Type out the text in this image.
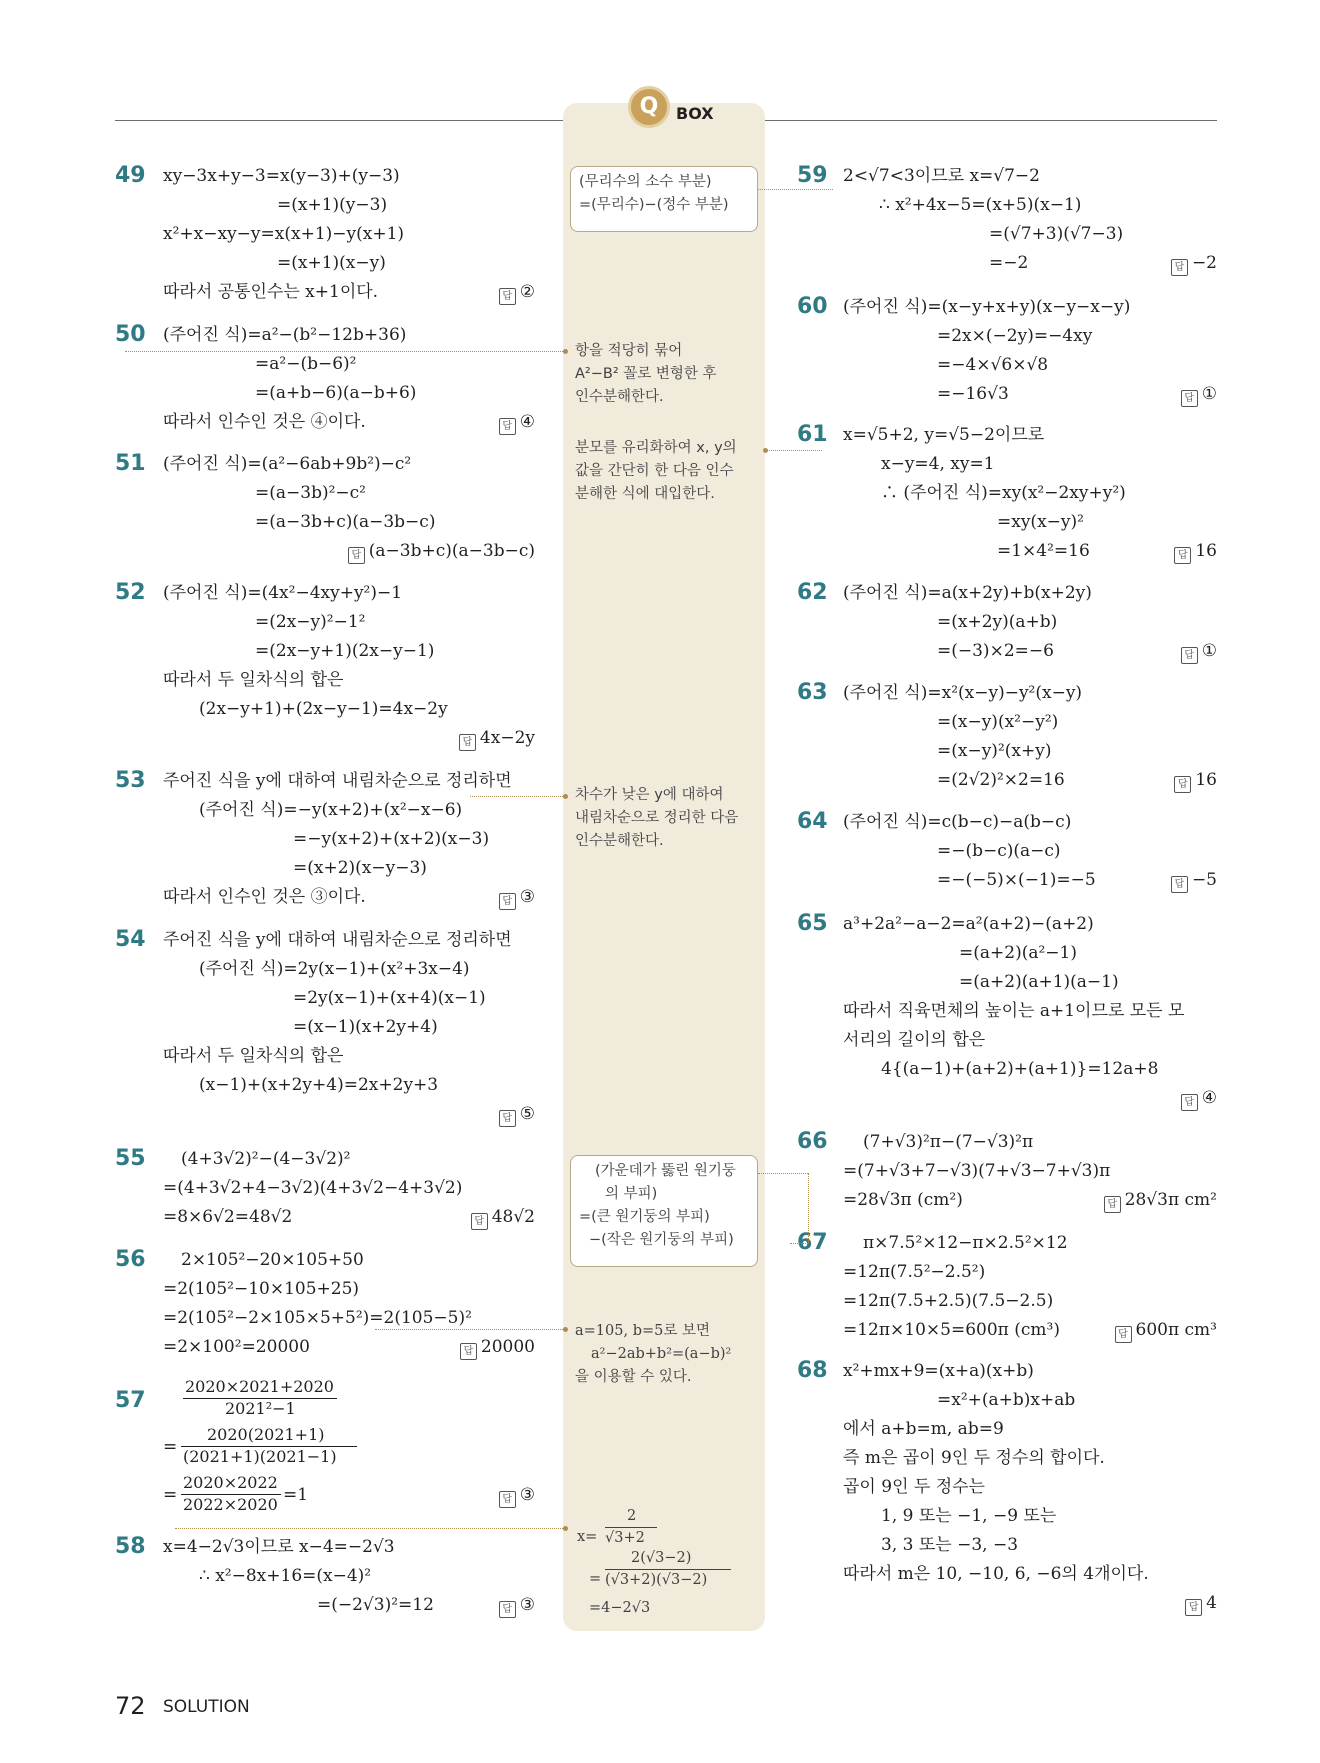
Q	BOX
49 xy−3x+y−3=x(y−3)+(y−3)
=(x+1)(y−3)
x²+x−xy−y=x(x+1)−y(x+1)
=(x+1)(x−y)
따라서 공통인수는 x+1이다.	답 ②
50 (주어진 식)=a²−(b²−12b+36)
=a²−(b−6)²
=(a+b−6)(a−b+6)
따라서 인수인 것은 ④이다.	답 ④
51 (주어진 식)=(a²−6ab+9b²)−c²
=(a−3b)²−c²
=(a−3b+c)(a−3b−c)
답 (a−3b+c)(a−3b−c)
52 (주어진 식)=(4x²−4xy+y²)−1
=(2x−y)²−1²
=(2x−y+1)(2x−y−1)
따라서 두 일차식의 합은
(2x−y+1)+(2x−y−1)=4x−2y
답 4x−2y
53 주어진 식을 y에 대하여 내림차순으로 정리하면
(주어진 식)=−y(x+2)+(x²−x−6)
=−y(x+2)+(x+2)(x−3)
=(x+2)(x−y−3)
따라서 인수인 것은 ③이다.	답 ③
54 주어진 식을 y에 대하여 내림차순으로 정리하면
(주어진 식)=2y(x−1)+(x²+3x−4)
=2y(x−1)+(x+4)(x−1)
=(x−1)(x+2y+4)
따라서 두 일차식의 합은
(x−1)+(x+2y+4)=2x+2y+3
답 ⑤
55 (4+3√2)²−(4−3√2)²
=(4+3√2+4−3√2)(4+3√2−4+3√2)
=8×6√2=48√2	답 48√2
56 2×105²−20×105+50
=2(105²−10×105+25)
=2(105²−2×105×5+5²)=2(105−5)²
=2×100²=20000	답 20000
57
2020×2021+2020
2021²−1
=
2020(2021+1)
(2021+1)(2021−1)
=
2020×2022
2022×2020 =1	답 ③
58 x=4−2√3이므로 x−4=−2√3
∴ x²−8x+16=(x−4)²
=(−2√3)²=12	답 ③
59 2<√7<3이므로 x=√7−2
∴ x²+4x−5=(x+5)(x−1)
=(√7+3)(√7−3)
=−2	답 −2
60 (주어진 식)=(x−y+x+y)(x−y−x−y)
=2x×(−2y)=−4xy
=−4×√6×√8
=−16√3	답 ①
61 x=√5+2, y=√5−2이므로
x−y=4, xy=1
∴ (주어진 식)=xy(x²−2xy+y²)
=xy(x−y)²
=1×4²=16	답 16
62 (주어진 식)=a(x+2y)+b(x+2y)
=(x+2y)(a+b)
=(−3)×2=−6	답 ①
63 (주어진 식)=x²(x−y)−y²(x−y)
=(x−y)(x²−y²)
=(x−y)²(x+y)
=(2√2)²×2=16	답 16
64 (주어진 식)=c(b−c)−a(b−c)
=−(b−c)(a−c)
=−(−5)×(−1)=−5	답 −5
65 a³+2a²−a−2=a²(a+2)−(a+2)
=(a+2)(a²−1)
=(a+2)(a+1)(a−1)
따라서 직육면체의 높이는 a+1이므로 모든 모
서리의 길이의 합은
4{(a−1)+(a+2)+(a+1)}=12a+8
답 ④
66 (7+√3)²π−(7−√3)²π
=(7+√3+7−√3)(7+√3−7+√3)π
=28√3π (cm²)	답 28√3π cm²
67 π×7.5²×12−π×2.5²×12
=12π(7.5²−2.5²)
=12π(7.5+2.5)(7.5−2.5)
=12π×10×5=600π (cm³)	답 600π cm³
68 x²+mx+9=(x+a)(x+b)
=x²+(a+b)x+ab
에서 a+b=m, ab=9
즉 m은 곱이 9인 두 정수의 합이다.
곱이 9인 두 정수는
1, 9 또는 −1, −9 또는
3, 3 또는 −3, −3
따라서 m은 10, −10, 6, −6의 4개이다.
답 4
(무리수의 소수 부분)
=(무리수)−(정수 부분)
항을 적당히 묶어
A²−B² 꼴로 변형한 후
인수분해한다.
분모를 유리화하여 x, y의
값을 간단히 한 다음 인수
분해한 식에 대입한다.
차수가 낮은 y에 대하여
내림차순으로 정리한 다음
인수분해한다.
(가운데가 뚫린 원기둥
의 부피)
=(큰 원기둥의 부피)
−(작은 원기둥의 부피)
a=105, b=5로 보면
a²−2ab+b²=(a−b)²
을 이용할 수 있다.
x=
2
√3+2
=
2(√3−2)
(√3+2)(√3−2)
=4−2√3
72 SOLUTION
